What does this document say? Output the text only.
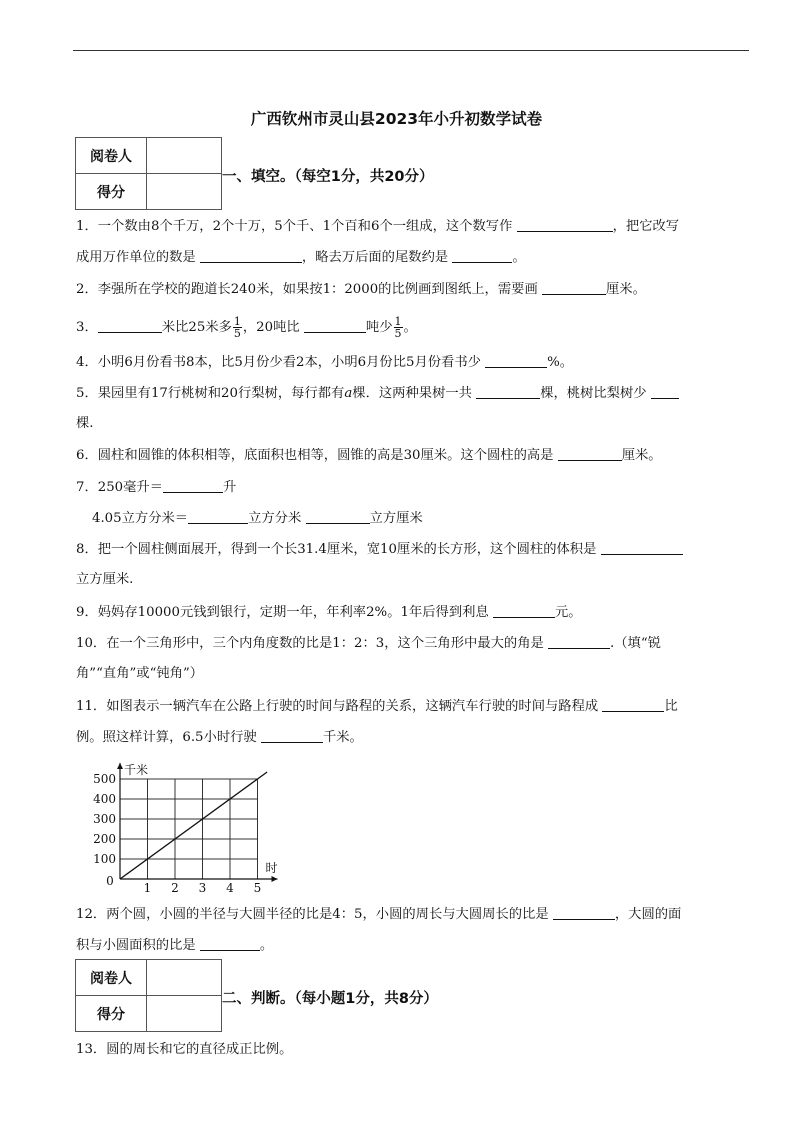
广西钦州市灵山县2023年小升初数学试卷
阅卷人	
得分	
一、填空。（每空1分，共20分）
1．一个数由8个千万，2个十万，5个千、1个百和6个一组成，这个数写作	，把它改写
成用万作单位的数是	，略去万后面的尾数约是	。
2．李强所在学校的跑道长240米，如果按1：2000的比例画到图纸上，需要画	厘米。
3．	米比25米多 $\frac{1}{5}$ ，20吨比	吨少 $\frac{1}{5}$ 。
4．小明6月份看书8本，比5月份少看2本，小明6月份比5月份看书少	%。
5．果园里有17行桃树和20行梨树，每行都有a棵．这两种果树一共	棵，桃树比梨树少
棵.
6．圆柱和圆锥的体积相等，底面积也相等，圆锥的高是30厘米。这个圆柱的高是	厘米。
7．250毫升＝	升
4.05立方分米＝	立方分米	立方厘米
8．把一个圆柱侧面展开，得到一个长31.4厘米，宽10厘米的长方形，这个圆柱的体积是
立方厘米.
9．妈妈存10000元钱到银行，定期一年，年利率2%。1年后得到利息	元。
10．在一个三角形中，三个内角度数的比是1：2：3，这个三角形中最大的角是	.（填“锐
角”“直角”或“钝角”）
11．如图表示一辆汽车在公路上行驶的时间与路程的关系，这辆汽车行驶的时间与路程成	比
例。照这样计算，6.5小时行驶	千米。
1 2 3 4 5
100
200
300
400
500
0
千米
时
12．两个圆，小圆的半径与大圆半径的比是4：5，小圆的周长与大圆周长的比是	，大圆的面
积与小圆面积的比是	。
阅卷人	
得分	
二、判断。（每小题1分，共8分）
13．圆的周长和它的直径成正比例。
